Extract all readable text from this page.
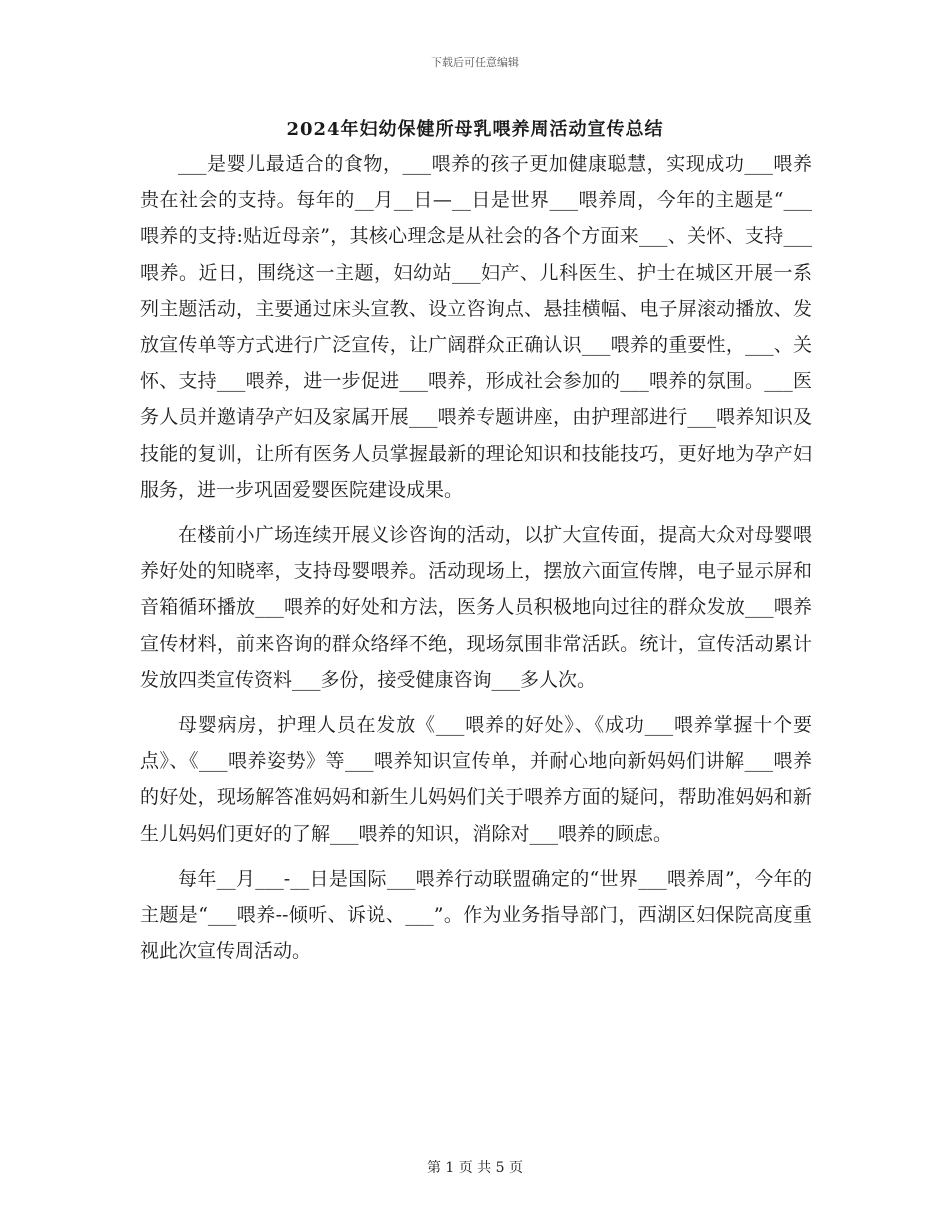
下载后可任意编辑
2024年妇幼保健所母乳喂养周活动宣传总结

___是婴儿最适合的食物，___喂养的孩子更加健康聪慧，实现成功___喂养贵在社会的支持。每年的__月__日—__日是世界___喂养周，今年的主题是“___喂养的支持:贴近母亲”，其核心理念是从社会的各个方面来___、关怀、支持___喂养。近日，围绕这一主题，妇幼站___妇产、儿科医生、护士在城区开展一系列主题活动，主要通过床头宣教、设立咨询点、悬挂横幅、电子屏滚动播放、发放宣传单等方式进行广泛宣传，让广阔群众正确认识___喂养的重要性，___、关怀、支持___喂养，进一步促进___喂养，形成社会参加的___喂养的氛围。___医务人员并邀请孕产妇及家属开展___喂养专题讲座，由护理部进行___喂养知识及技能的复训，让所有医务人员掌握最新的理论知识和技能技巧，更好地为孕产妇服务，进一步巩固爱婴医院建设成果。

在楼前小广场连续开展义诊咨询的活动，以扩大宣传面，提高大众对母婴喂养好处的知晓率，支持母婴喂养。活动现场上，摆放六面宣传牌，电子显示屏和音箱循环播放___喂养的好处和方法，医务人员积极地向过往的群众发放___喂养宣传材料，前来咨询的群众络绎不绝，现场氛围非常活跃。统计，宣传活动累计发放四类宣传资料___多份，接受健康咨询___多人次。

母婴病房，护理人员在发放《___喂养的好处》、《成功___喂养掌握十个要点》、《___喂养姿势》等___喂养知识宣传单，并耐心地向新妈妈们讲解___喂养的好处，现场解答准妈妈和新生儿妈妈们关于喂养方面的疑问，帮助准妈妈和新生儿妈妈们更好的了解___喂养的知识，消除对___喂养的顾虑。

每年__月___-__日是国际___喂养行动联盟确定的“世界___喂养周”，今年的主题是“___喂养--倾听、诉说、___”。作为业务指导部门，西湖区妇保院高度重视此次宣传周活动。

第 1 页 共 5 页
